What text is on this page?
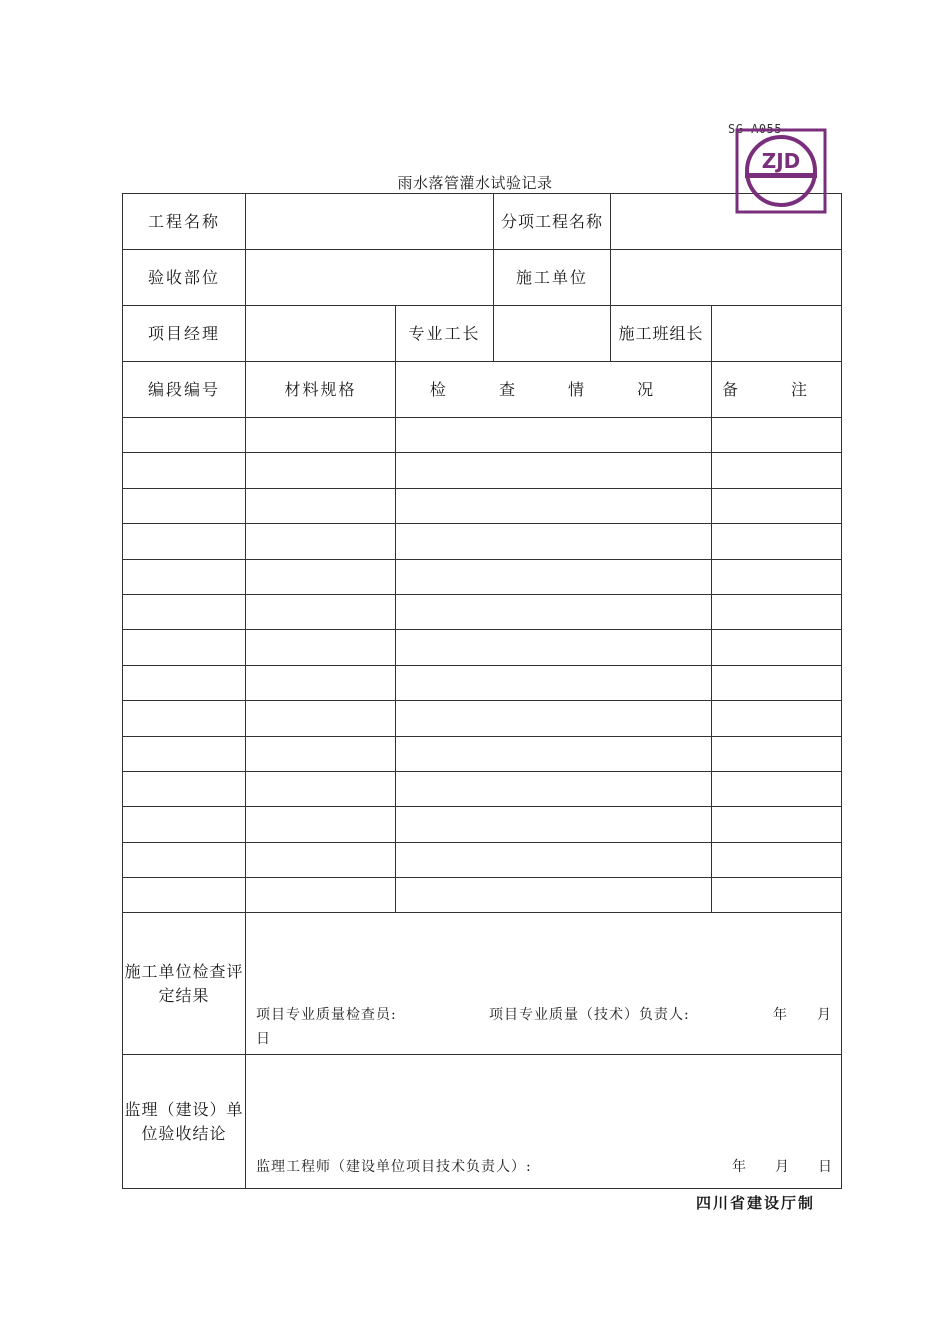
SG-A055
ZJD
雨水落管灌水试验记录
工程名称			分项工程名称		
验收部位			施工单位		
项目经理		专业工长		施工班组长	
编段编号	材料规格	检 查 情 况			备 注

施工单位检查评定结果	项目专业质量检查员: 项目专业质量（技术）负责人: 年 月
日				

监理（建设）单位验收结论	监理工程师（建设单位项目技术负责人）: 年 月 日				
四川省建设厅制
